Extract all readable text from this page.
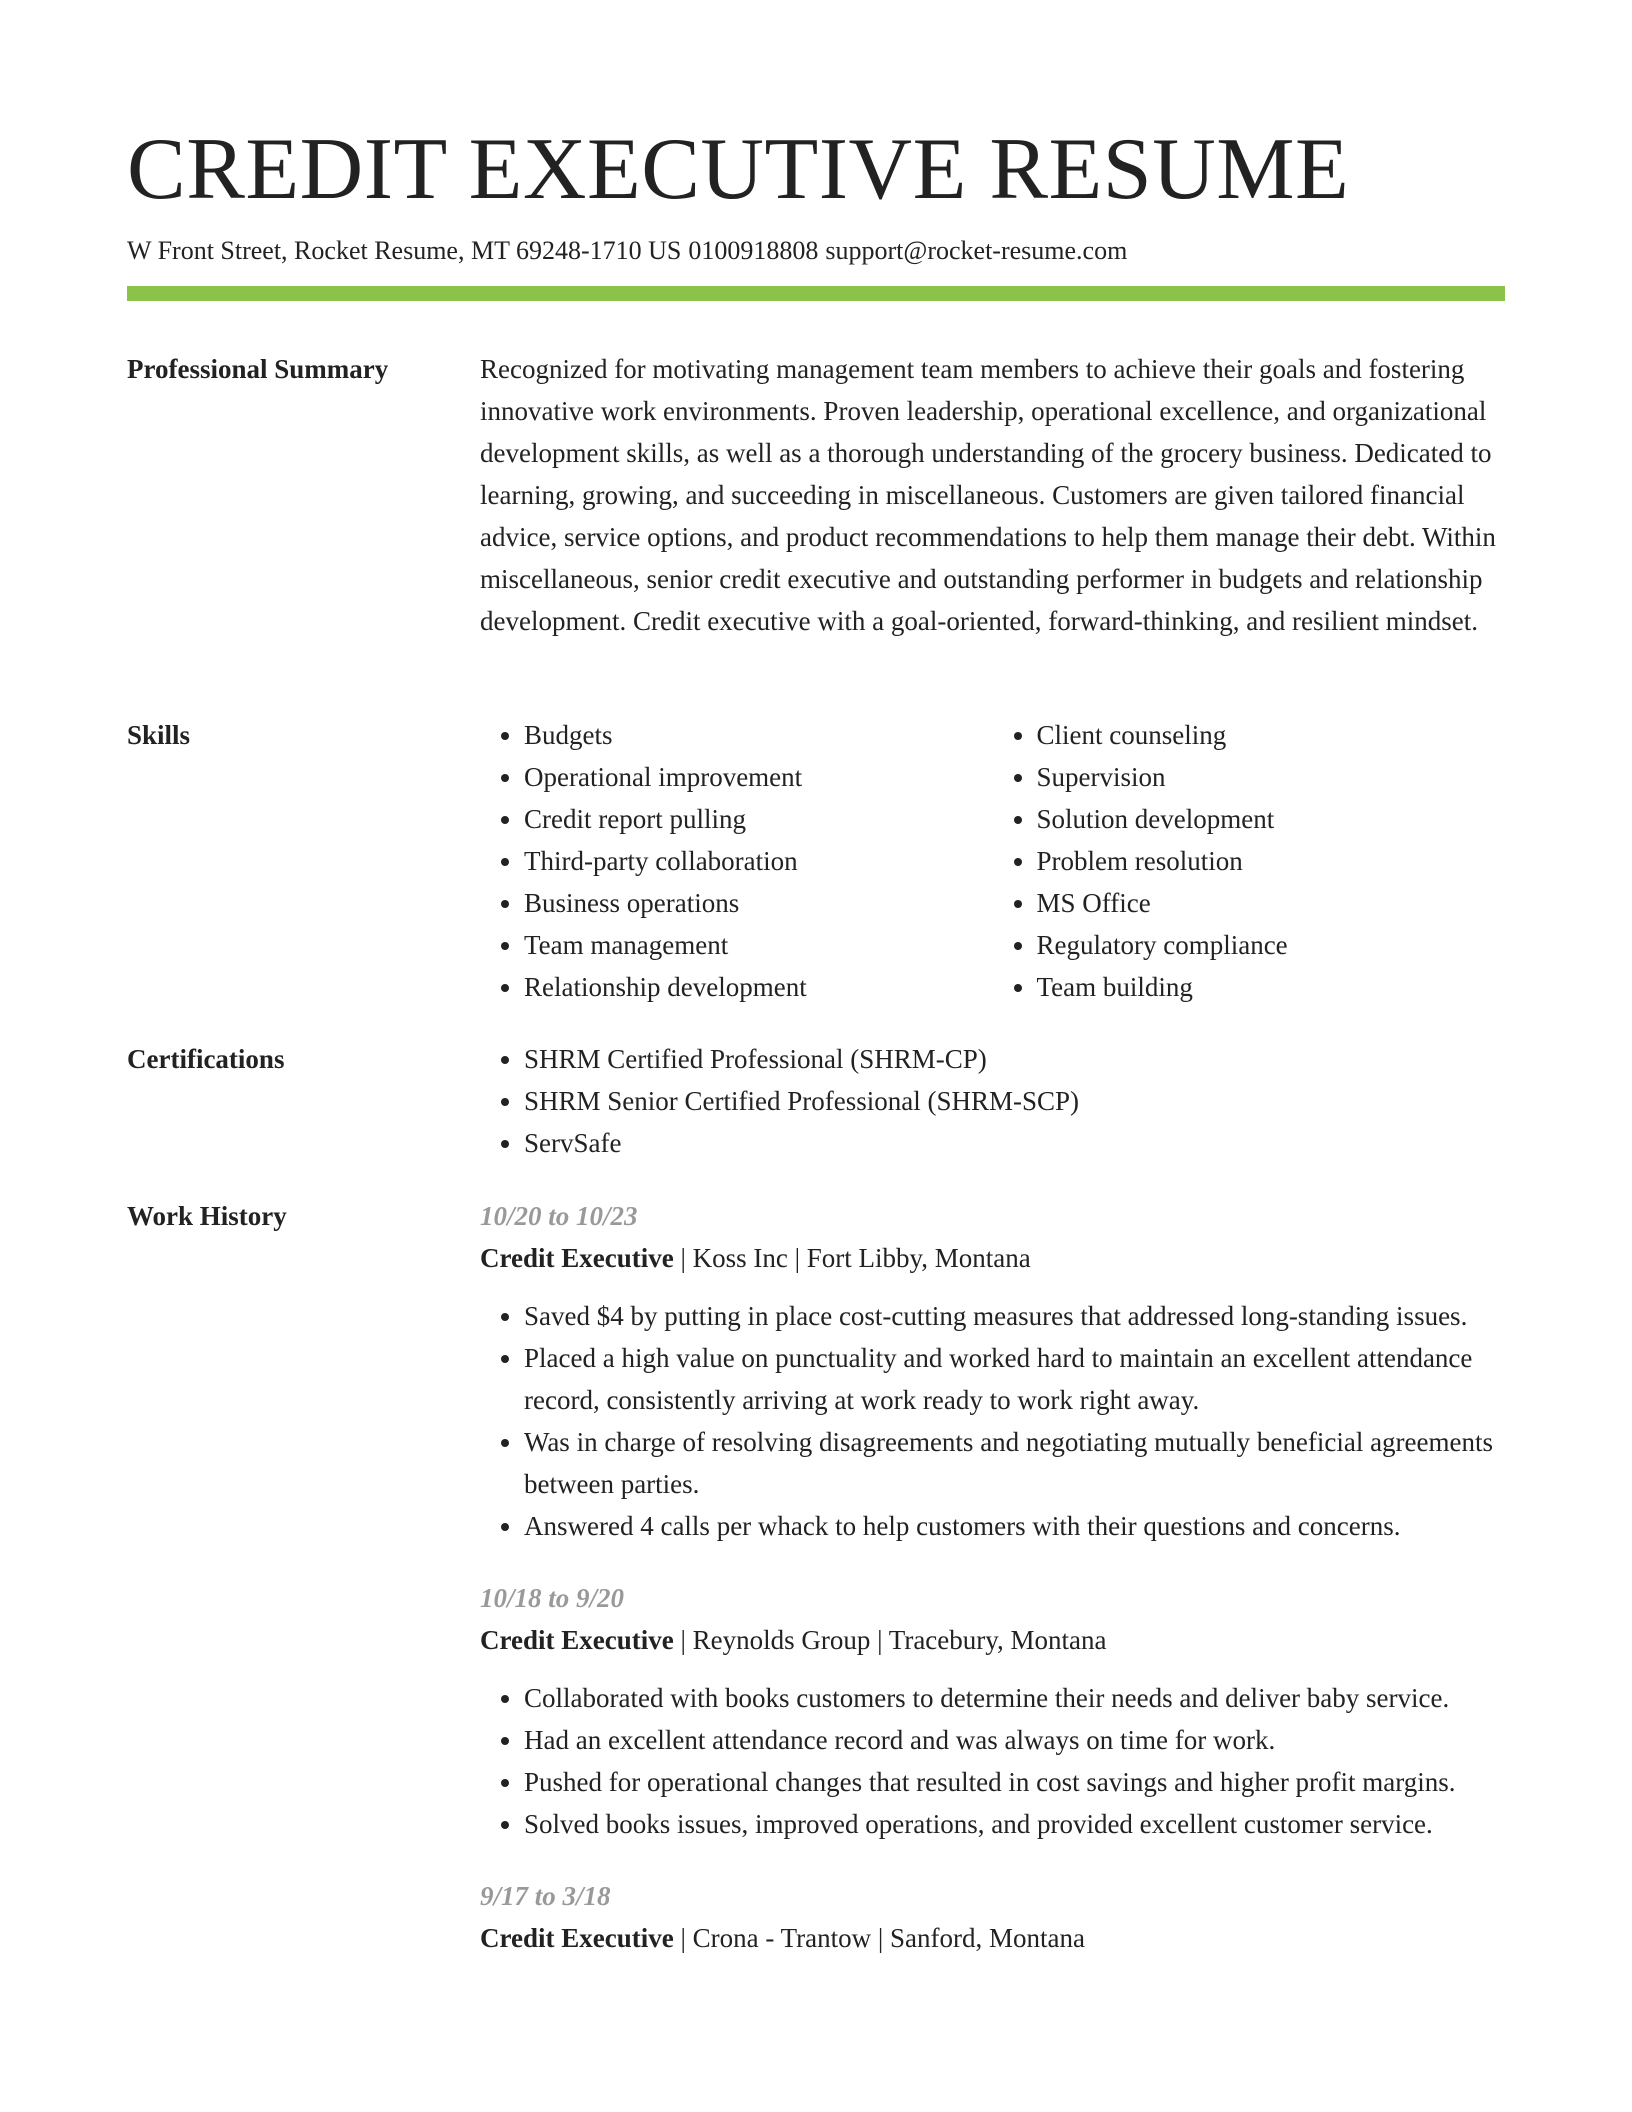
CREDIT EXECUTIVE RESUME
W Front Street, Rocket Resume, MT 69248-1710 US 0100918808 support@rocket-resume.com
Professional Summary	Recognized for motivating management team members to achieve their goals and fostering innovative work environments. Proven leadership, operational excellence, and organizational development skills, as well as a thorough understanding of the grocery business. Dedicated to learning, growing, and succeeding in miscellaneous. Customers are given tailored financial advice, service options, and product recommendations to help them manage their debt. Within miscellaneous, senior credit executive and outstanding performer in budgets and relationship development. Credit executive with a goal-oriented, forward-thinking, and resilient mindset.

Skills	• Budgets
• Operational improvement
• Credit report pulling
• Third-party collaboration
• Business operations
• Team management
• Relationship development
• Client counseling
• Supervision
• Solution development
• Problem resolution
• MS Office
• Regulatory compliance
• Team building
Certifications	• SHRM Certified Professional (SHRM-CP)
• SHRM Senior Certified Professional (SHRM-SCP)
• ServSafe
Work History	10/20 to 10/23
Credit Executive | Koss Inc | Fort Libby, Montana
• Saved $4 by putting in place cost-cutting measures that addressed long-standing issues.
• Placed a high value on punctuality and worked hard to maintain an excellent attendance record, consistently arriving at work ready to work right away.
• Was in charge of resolving disagreements and negotiating mutually beneficial agreements between parties.
• Answered 4 calls per whack to help customers with their questions and concerns.
10/18 to 9/20
Credit Executive | Reynolds Group | Tracebury, Montana
• Collaborated with books customers to determine their needs and deliver baby service.
• Had an excellent attendance record and was always on time for work.
• Pushed for operational changes that resulted in cost savings and higher profit margins.
• Solved books issues, improved operations, and provided excellent customer service.
9/17 to 3/18
Credit Executive | Crona - Trantow | Sanford, Montana
